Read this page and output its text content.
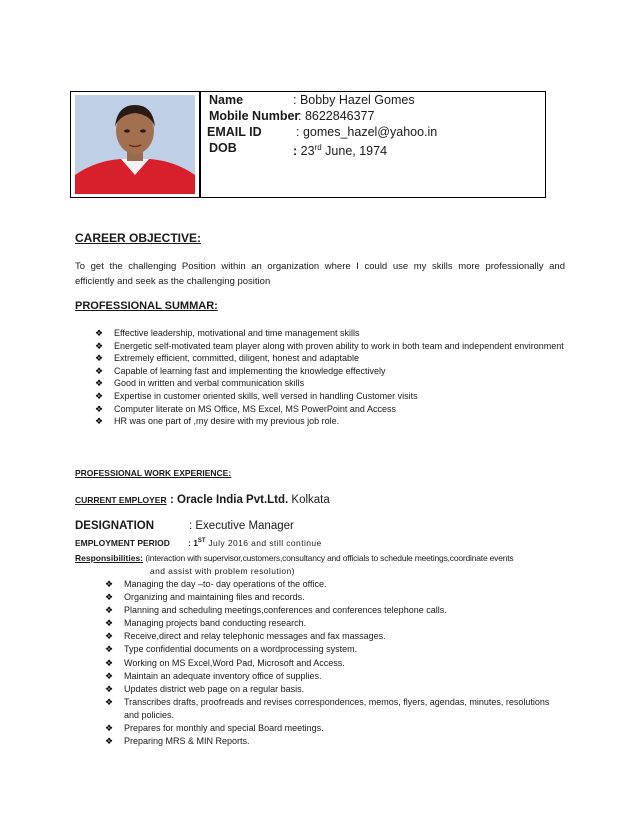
Name	: Bobby Hazel Gomes
Mobile Number
: 8622846377
EMAIL ID	: gomes_hazel@yahoo.in
DOB	: 23rd June, 1974
CAREER OBJECTIVE:
To get the challenging Position within an organization where I could use my skills more professionally and
efficiently and seek as the challenging position
PROFESSIONAL SUMMAR:
❖ Effective leadership, motivational and time management skills
❖ Energetic self-motivated team player along with proven ability to work in both team and independent environment
❖ Extremely efficient, committed, diligent, honest and adaptable
❖ Capable of learning fast and implementing the knowledge effectively
❖ Good in written and verbal communication skills
❖ Expertise in customer oriented skills, well versed in handling Customer visits
❖ Computer literate on MS Office, MS Excel, MS PowerPoint and Access
❖ HR was one part of ,my desire with my previous job role.
PROFESSIONAL WORK EXPERIENCE:
CURRENT EMPLOYER : Oracle India Pvt.Ltd. Kolkata
DESIGNATION	: Executive Manager
EMPLOYMENT PERIOD : 1ST July 2016 and still continue
Responsibilities: (interaction with supervisor,customers,consultancy and officials to schedule meetings,coordinate events
and assist with problem resolution)
❖ Managing the day –to- day operations of the office.
❖ Organizing and maintaining files and records.
❖ Planning and scheduling meetings,conferences and conferences telephone calls.
❖ Managing projects band conducting research.
❖ Receive,direct and relay telephonic messages and fax massages.
❖ Type confidential documents on a wordprocessing system.
❖ Working on MS Excel,Word Pad, Microsoft and Access.
❖ Maintain an adequate inventory office of supplies.
❖ Updates district web page on a regular basis.
❖ Transcribes drafts, proofreads and revises correspondences, memos, flyers, agendas, minutes, resolutions and policies.
❖ Prepares for monthly and special Board meetings.
❖ Preparing MRS & MIN Reports.
